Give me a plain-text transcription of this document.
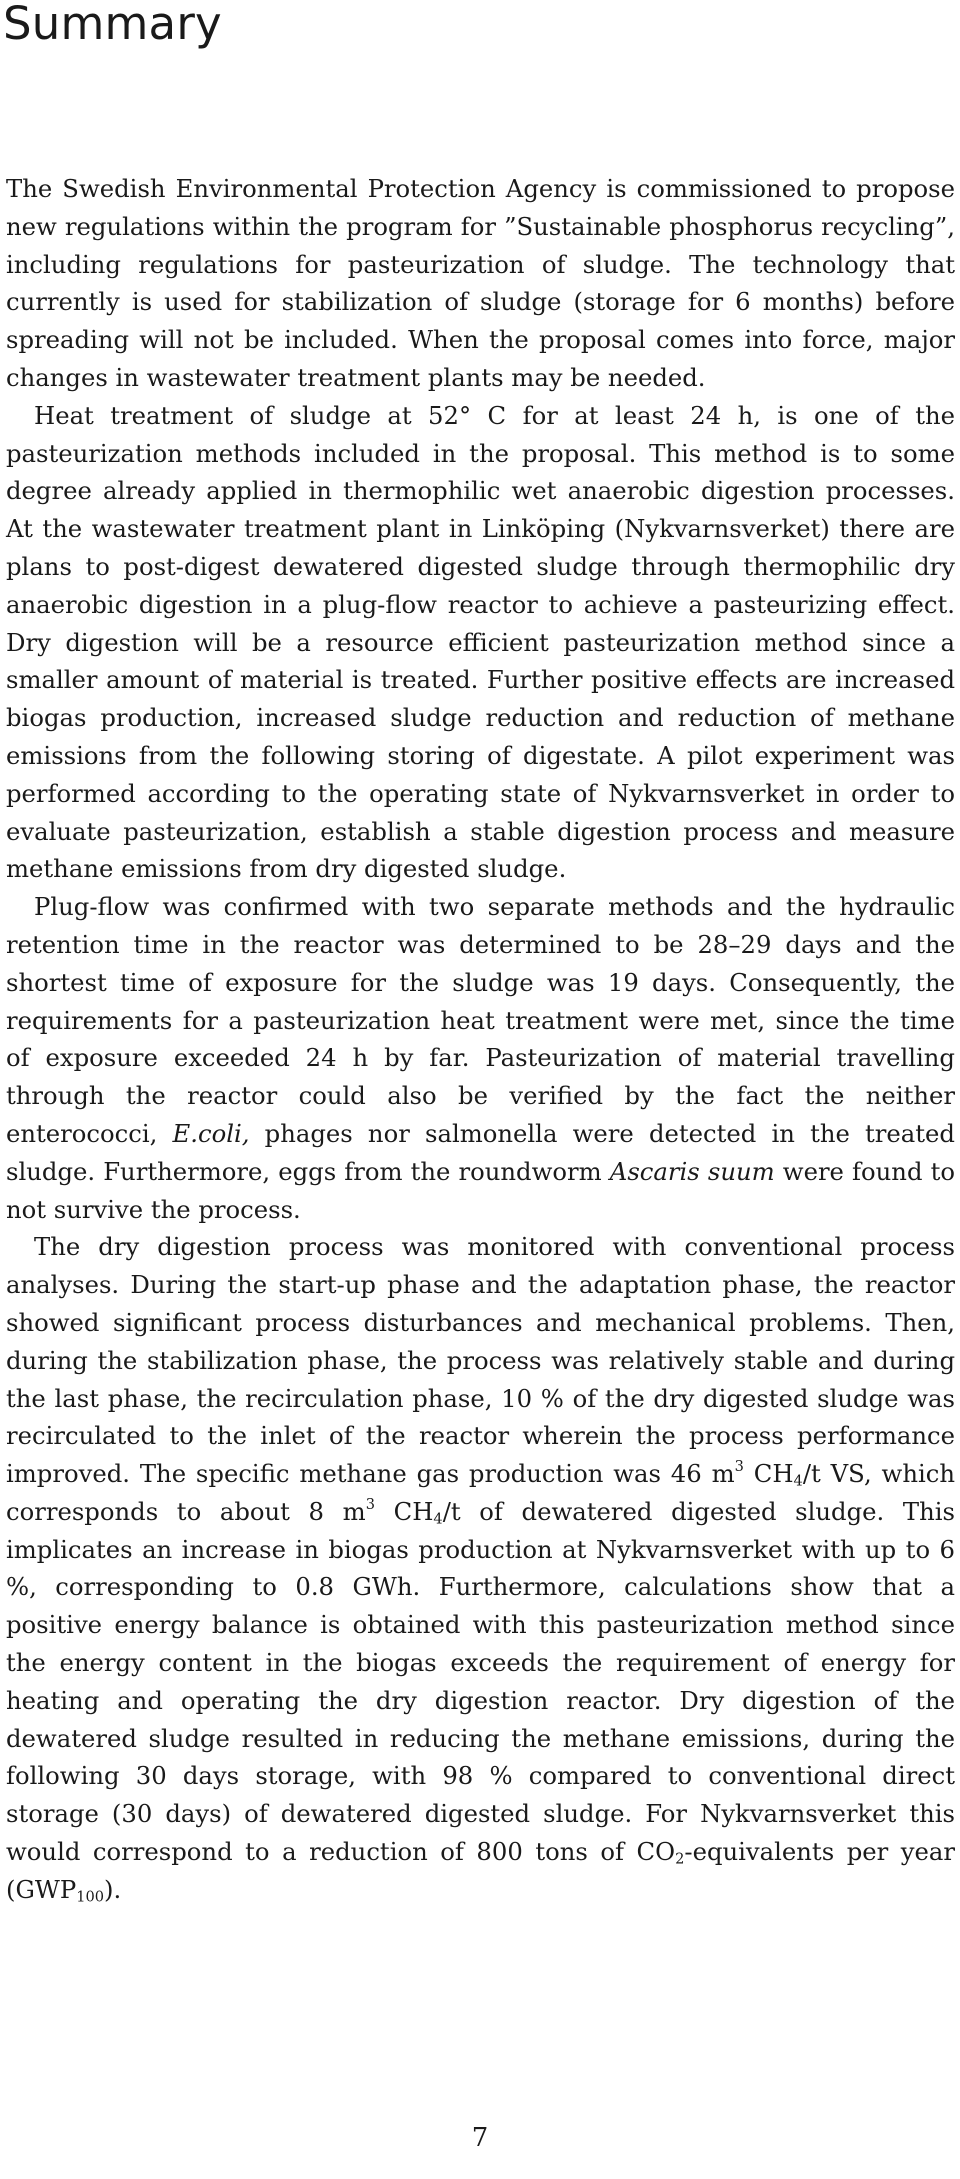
Summary

The Swedish Environmental Protection Agency is commissioned to propose new regulations within the program for ”Sustainable phosphorus recycling”, including regulations for pasteurization of sludge. The technology that currently is used for stabilization of sludge (storage for 6 months) before spreading will not be included. When the proposal comes into force, major changes in wastewater treatment plants may be needed.

Heat treatment of sludge at 52° C for at least 24 h, is one of the pasteurization methods included in the proposal. This method is to some degree already applied in thermophilic wet anaerobic digestion processes. At the wastewater treatment plant in Linköping (Nykvarnsverket) there are plans to post-digest dewatered digested sludge through thermophilic dry anaerobic digestion in a plug-flow reactor to achieve a pasteurizing effect. Dry digestion will be a resource efficient pasteurization method since a smaller amount of material is treated. Further positive effects are increased biogas production, increased sludge reduction and reduction of methane emissions from the following storing of digestate. A pilot experiment was performed according to the operating state of Nykvarnsverket in order to evaluate pasteurization, establish a stable digestion process and measure methane emissions from dry digested sludge.

Plug-flow was confirmed with two separate methods and the hydraulic retention time in the reactor was determined to be 28–29 days and the shortest time of exposure for the sludge was 19 days. Consequently, the requirements for a pasteurization heat treatment were met, since the time of exposure exceeded 24 h by far. Pasteurization of material travelling through the reactor could also be verified by the fact the neither enterococci, E.coli, phages nor salmonella were detected in the treated sludge. Furthermore, eggs from the roundworm Ascaris suum were found to not survive the process.

The dry digestion process was monitored with conventional process analyses. During the start-up phase and the adaptation phase, the reactor showed significant process disturbances and mechanical problems. Then, during the stabilization phase, the process was relatively stable and during the last phase, the recirculation phase, 10 % of the dry digested sludge was recirculated to the inlet of the reactor wherein the process performance improved. The specific methane gas production was 46 $m^3$ $CH_4/t$ VS, which corresponds to about 8 $m^3$ $CH_4/t$ of dewatered digested sludge. This implicates an increase in biogas production at Nykvarnsverket with up to 6 %, corresponding to 0.8 GWh. Furthermore, calculations show that a positive energy balance is obtained with this pasteurization method since the energy content in the biogas exceeds the requirement of energy for heating and operating the dry digestion reactor. Dry digestion of the dewatered sludge resulted in reducing the methane emissions, during the following 30 days storage, with 98 % compared to conventional direct storage (30 days) of dewatered digested sludge. For Nykvarnsverket this would correspond to a reduction of 800 tons of $CO_2$-equivalents per year $(GWP_{100})$.

7
